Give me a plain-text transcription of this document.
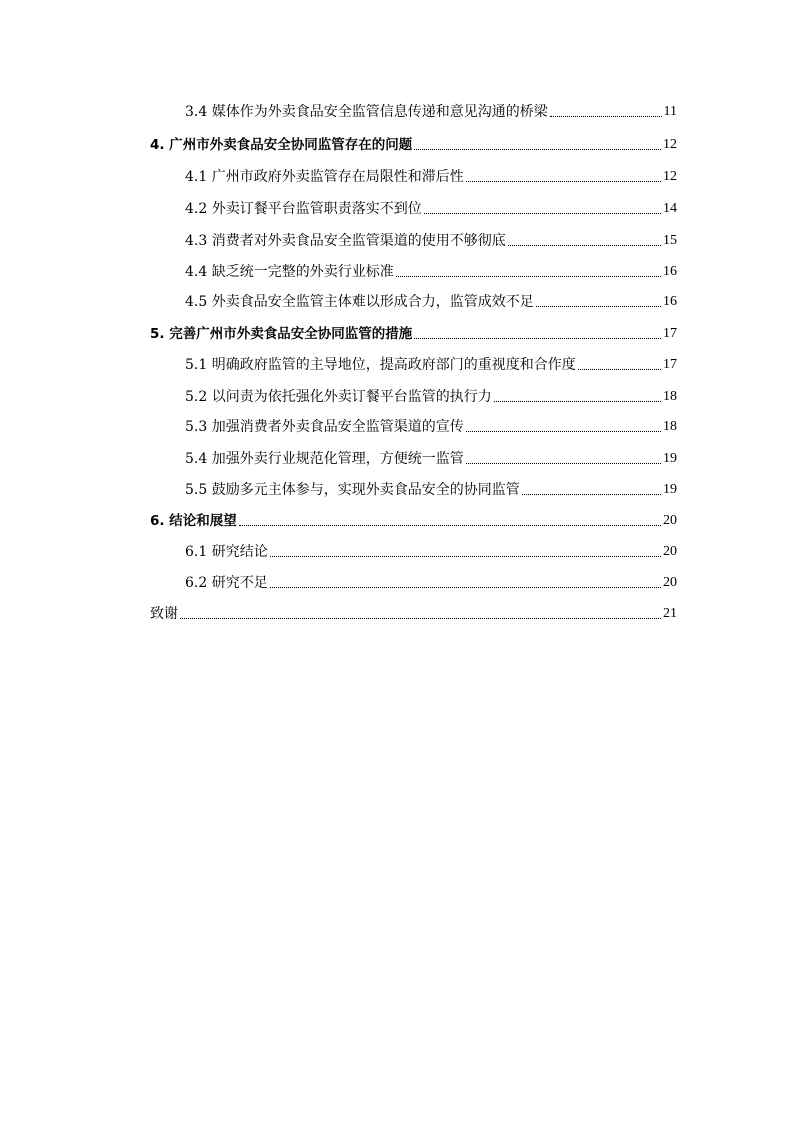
3.4 媒体作为外卖食品安全监管信息传递和意见沟通的桥梁	11
4. 广州市外卖食品安全协同监管存在的问题	12
4.1 广州市政府外卖监管存在局限性和滞后性	12
4.2 外卖订餐平台监管职责落实不到位	14
4.3 消费者对外卖食品安全监管渠道的使用不够彻底	15
4.4 缺乏统一完整的外卖行业标准	16
4.5 外卖食品安全监管主体难以形成合力，监管成效不足	16
5. 完善广州市外卖食品安全协同监管的措施	17
5.1 明确政府监管的主导地位，提高政府部门的重视度和合作度	17
5.2 以问责为依托强化外卖订餐平台监管的执行力	18
5.3 加强消费者外卖食品安全监管渠道的宣传	18
5.4 加强外卖行业规范化管理，方便统一监管	19
5.5 鼓励多元主体参与，实现外卖食品安全的协同监管	19
6. 结论和展望	20
6.1 研究结论	20
6.2 研究不足	20
致谢	21
